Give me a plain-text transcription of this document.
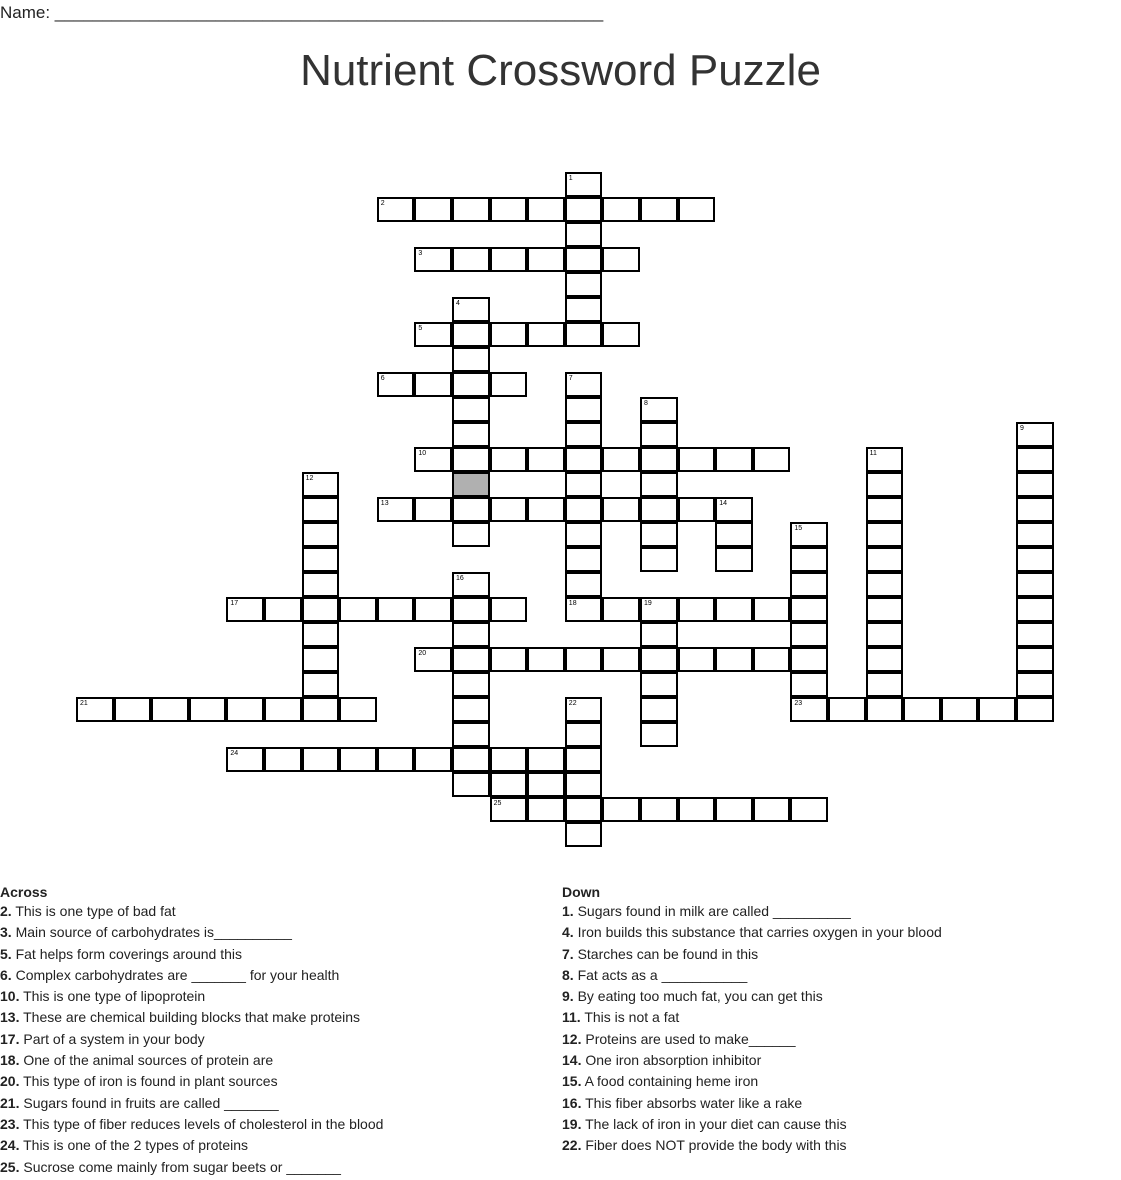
Name: __________________________________________________________
Nutrient Crossword Puzzle
1
2
3
4
5
6	7
18
8
9
10	11
12
13	14
15
23
16
17	19
20
21	22
24
25
Across
2. This is one type of bad fat
3. Main source of carbohydrates is__________
5. Fat helps form coverings around this
6. Complex carbohydrates are _______ for your health
10. This is one type of lipoprotein
13. These are chemical building blocks that make proteins
17. Part of a system in your body
18. One of the animal sources of protein are
20. This type of iron is found in plant sources
21. Sugars found in fruits are called _______
23. This type of fiber reduces levels of cholesterol in the blood
24. This is one of the 2 types of proteins
25. Sucrose come mainly from sugar beets or _______
Down
1. Sugars found in milk are called __________
4. Iron builds this substance that carries oxygen in your blood
7. Starches can be found in this
8. Fat acts as a ___________
9. By eating too much fat, you can get this
11. This is not a fat
12. Proteins are used to make______
14. One iron absorption inhibitor
15. A food containing heme iron
16. This fiber absorbs water like a rake
19. The lack of iron in your diet can cause this
22. Fiber does NOT provide the body with this
